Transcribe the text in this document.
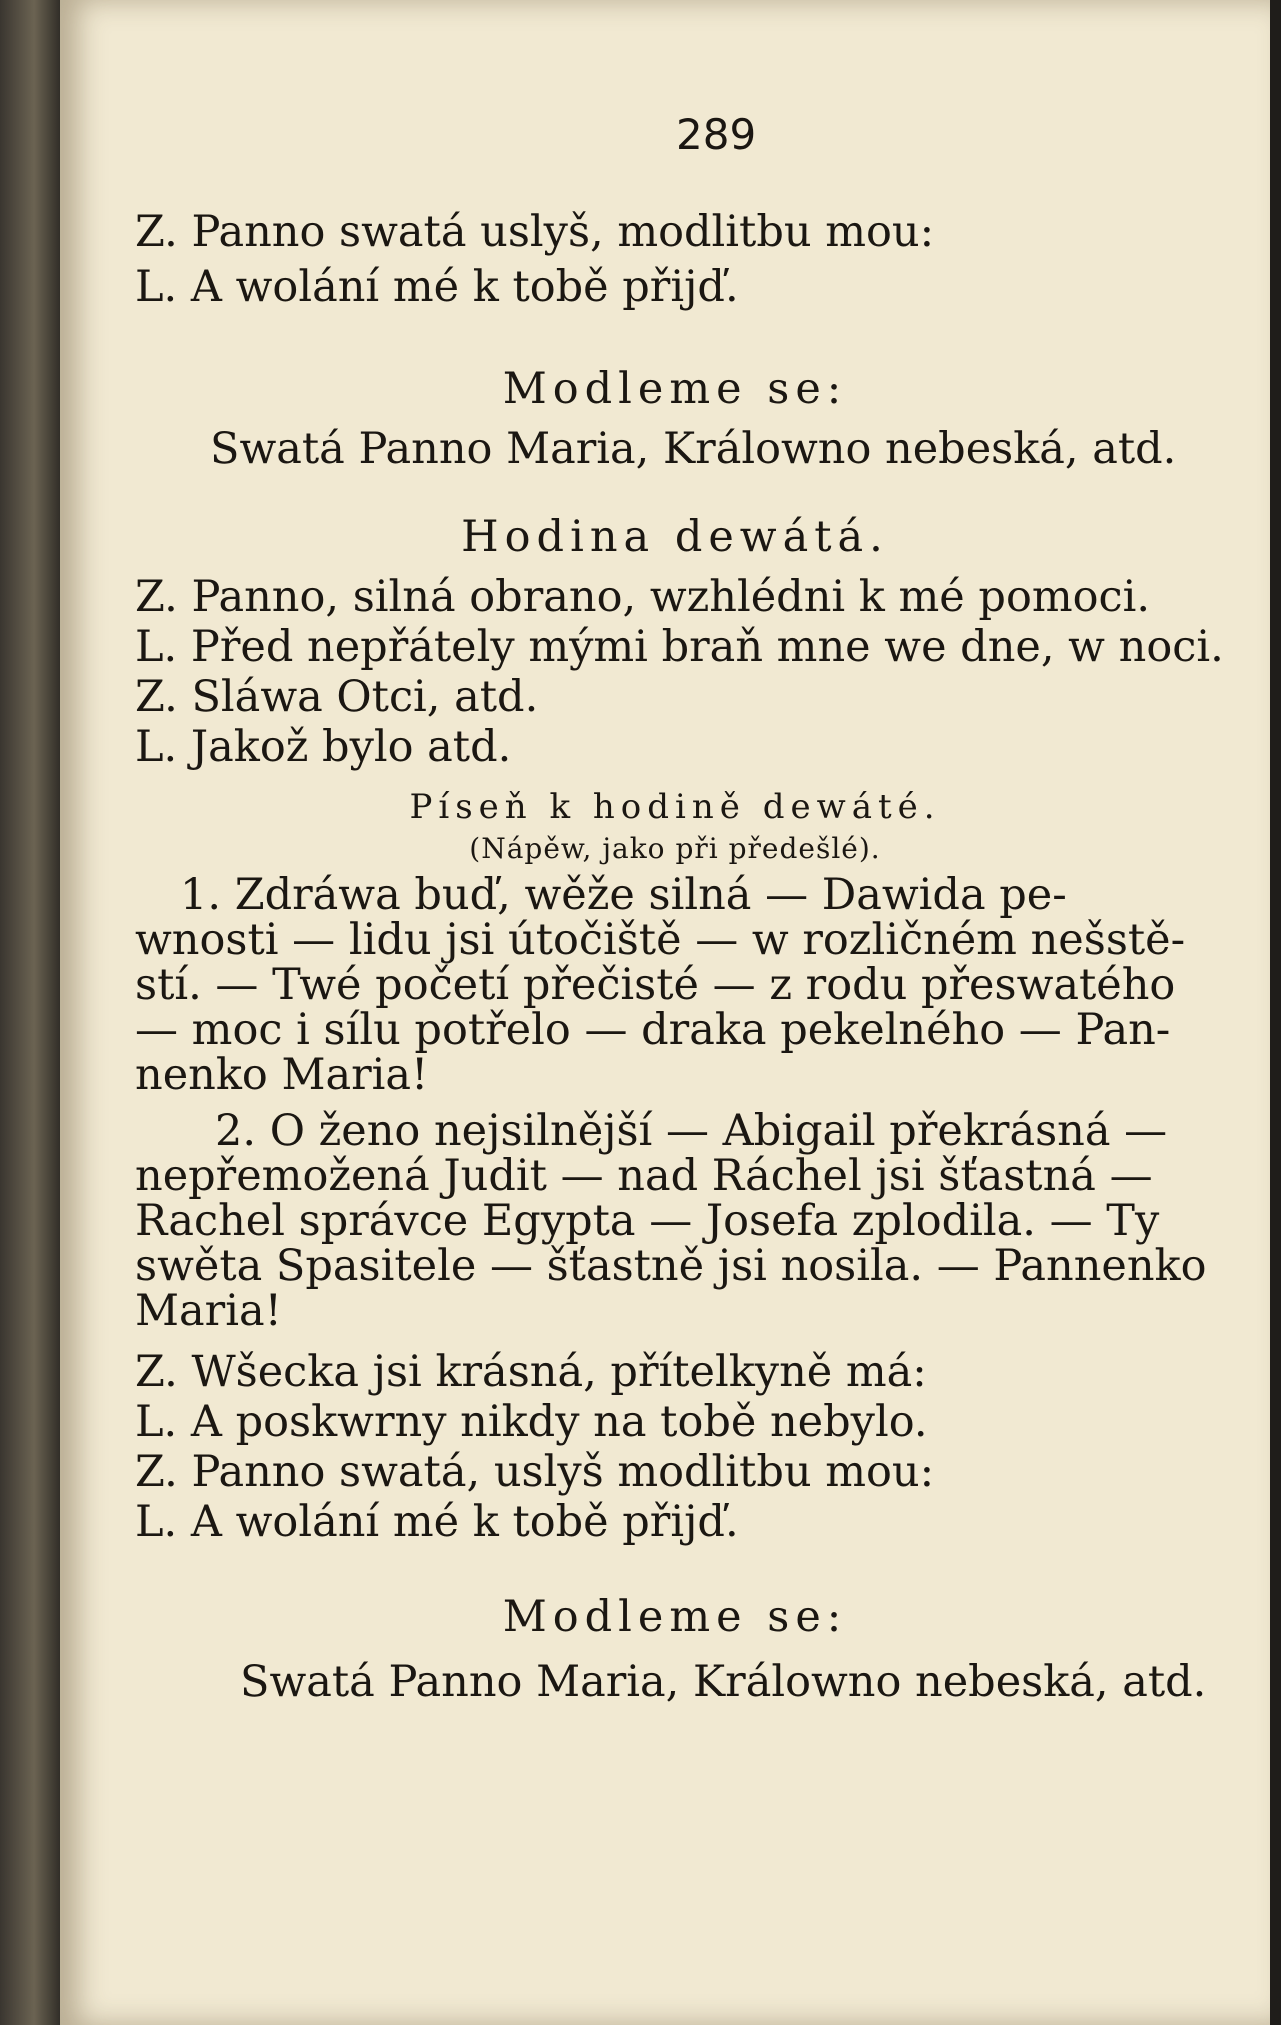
289
Z. Panno swatá uslyš, modlitbu mou:
L. A wolání mé k tobě přijď.
Modleme se:
Swatá Panno Maria, Králowno nebeská, atd.
Hodina dewátá.
Z. Panno, silná obrano, wzhlédni k mé pomoci.
L. Před nepřátely mými braň mne we dne, w noci.
Z. Sláwa Otci, atd.
L. Jakož bylo atd.
Píseň k hodině dewáté.
(Nápěw, jako při předešlé).
1. Zdráwa buď, wěže silná — Dawida pe-
wnosti — lidu jsi útočiště — w rozličném nešstě-
stí. — Twé početí přečisté — z rodu přeswatého
— moc i sílu potřelo — draka pekelného — Pan-
nenko Maria!
2. O ženo nejsilnější — Abigail překrásná —
nepřemožená Judit — nad Ráchel jsi šťastná —
Rachel správce Egypta — Josefa zplodila. — Ty
swěta Spasitele — šťastně jsi nosila. — Pannenko
Maria!
Z. Wšecka jsi krásná, přítelkyně má:
L. A poskwrny nikdy na tobě nebylo.
Z. Panno swatá, uslyš modlitbu mou:
L. A wolání mé k tobě přijď.
Modleme se:
Swatá Panno Maria, Králowno nebeská, atd.
